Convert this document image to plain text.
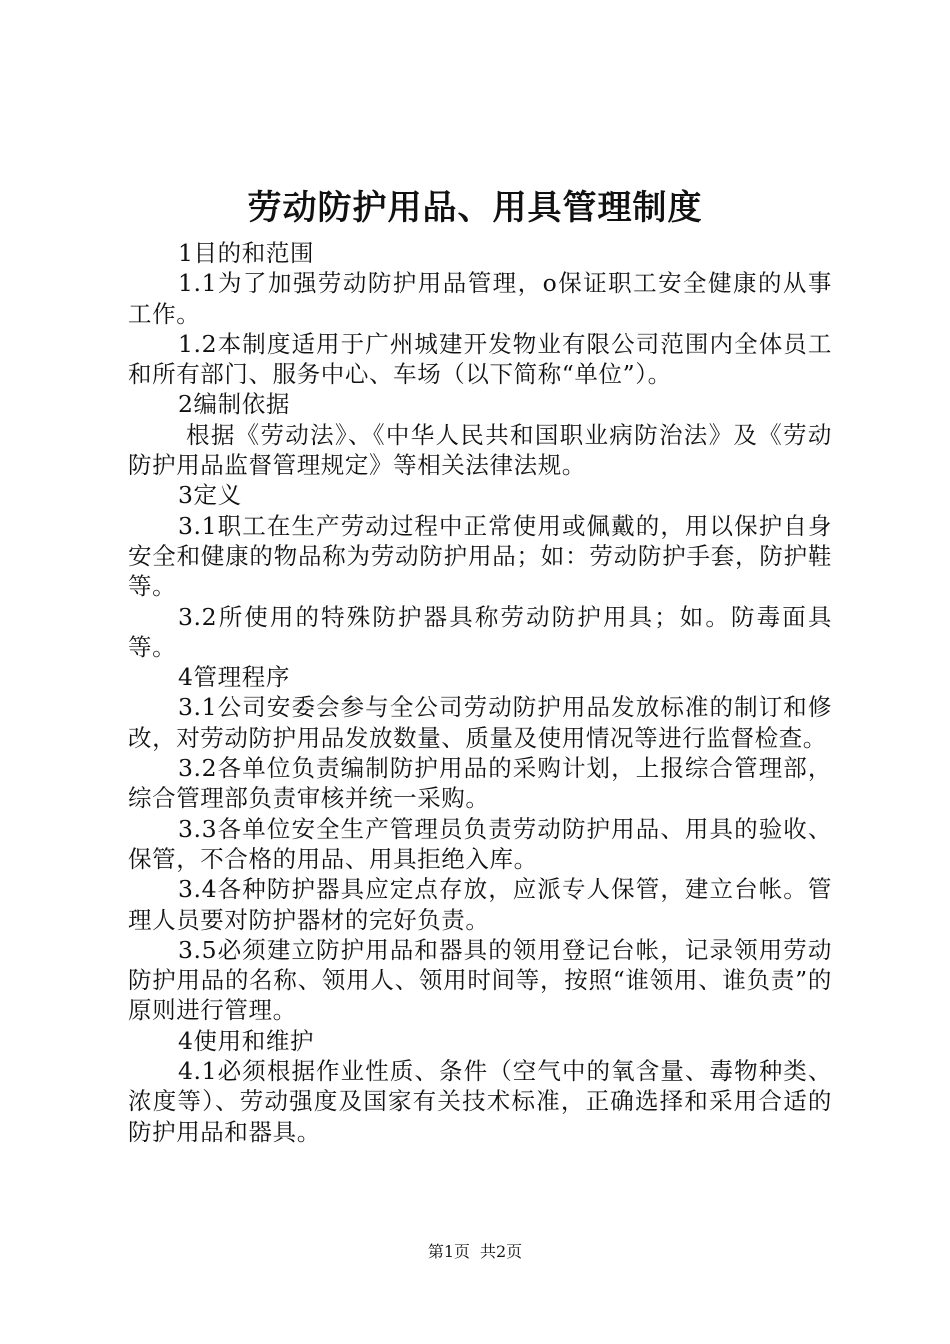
劳动防护用品、用具管理制度

1目的和范围

1.1为了加强劳动防护用品管理，o保证职工安全健康的从事工作。

1.2本制度适用于广州城建开发物业有限公司范围内全体员工和所有部门、服务中心、车场（以下简称“单位”）。

2编制依据

根据《劳动法》、《中华人民共和国职业病防治法》及《劳动防护用品监督管理规定》等相关法律法规。

3定义

3.1职工在生产劳动过程中正常使用或佩戴的，用以保护自身安全和健康的物品称为劳动防护用品；如：劳动防护手套，防护鞋等。

3.2所使用的特殊防护器具称劳动防护用具；如。防毒面具等。

4管理程序

3.1公司安委会参与全公司劳动防护用品发放标准的制订和修改，对劳动防护用品发放数量、质量及使用情况等进行监督检查。

3.2各单位负责编制防护用品的采购计划，上报综合管理部，综合管理部负责审核并统一采购。

3.3各单位安全生产管理员负责劳动防护用品、用具的验收、保管，不合格的用品、用具拒绝入库。

3.4各种防护器具应定点存放，应派专人保管，建立台帐。管理人员要对防护器材的完好负责。

3.5必须建立防护用品和器具的领用登记台帐，记录领用劳动防护用品的名称、领用人、领用时间等，按照“谁领用、谁负责”的原则进行管理。

4使用和维护

4.1必须根据作业性质、条件（空气中的氧含量、毒物种类、浓度等）、劳动强度及国家有关技术标准，正确选择和采用合适的防护用品和器具。

第1页 共2页
